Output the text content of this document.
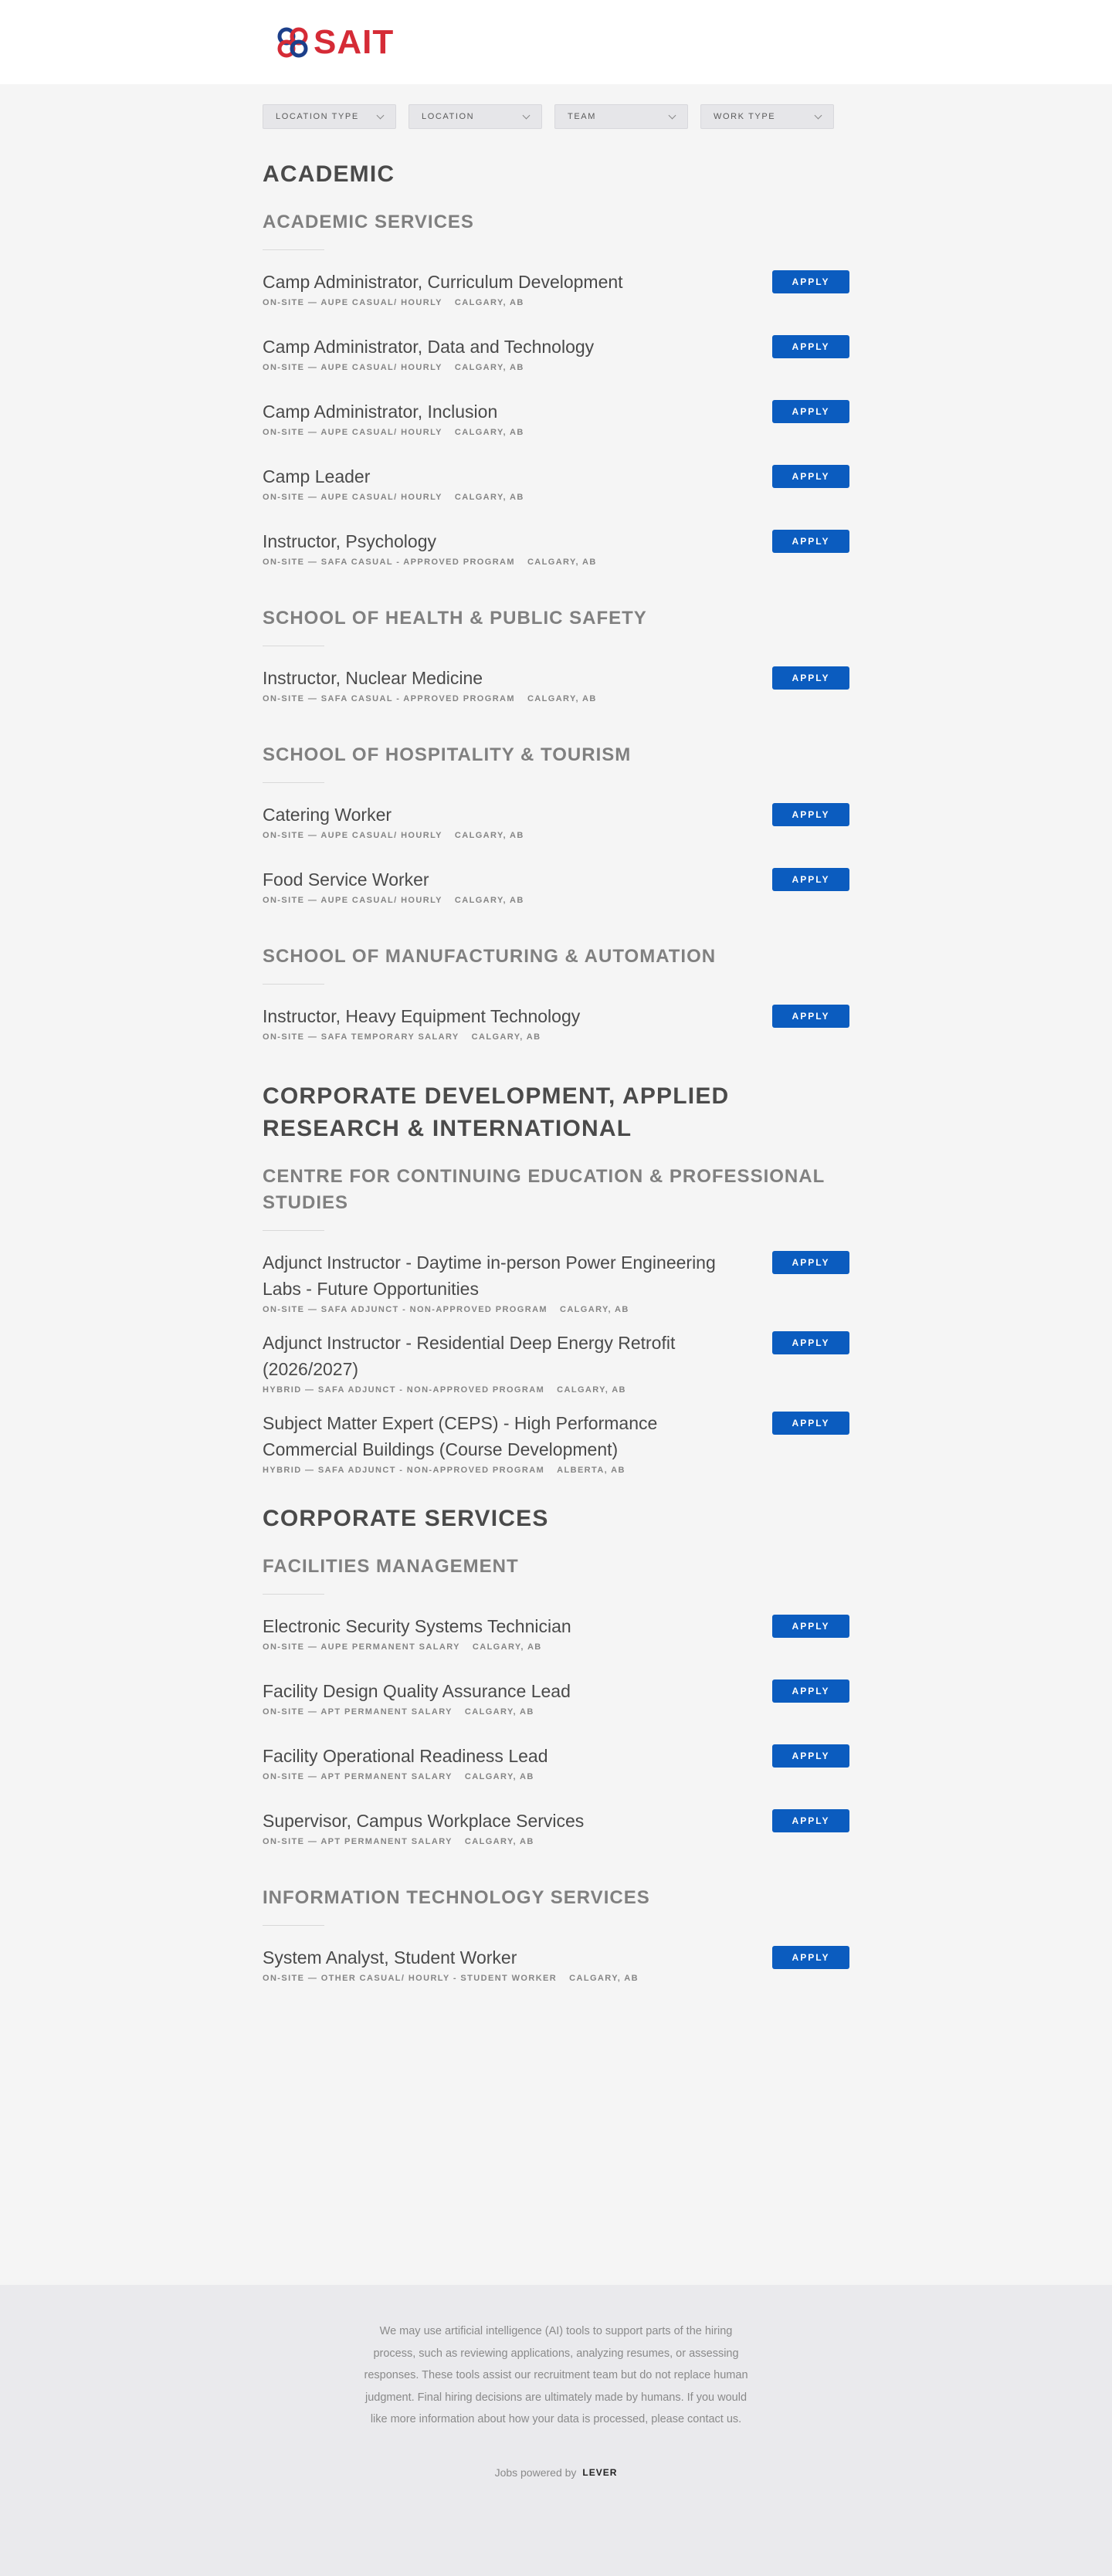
SAIT
LOCATION TYPE	LOCATION	TEAM	WORK TYPE
ACADEMIC
ACADEMIC SERVICES
Camp Administrator, Curriculum Development
ON-SITE — AUPE CASUAL/ HOURLY CALGARY, AB
APPLY
Camp Administrator, Data and Technology
ON-SITE — AUPE CASUAL/ HOURLY CALGARY, AB
APPLY
Camp Administrator, Inclusion
ON-SITE — AUPE CASUAL/ HOURLY CALGARY, AB
APPLY
Camp Leader
ON-SITE — AUPE CASUAL/ HOURLY CALGARY, AB
APPLY
Instructor, Psychology
ON-SITE — SAFA CASUAL - APPROVED PROGRAM CALGARY, AB
APPLY
SCHOOL OF HEALTH & PUBLIC SAFETY
Instructor, Nuclear Medicine
ON-SITE — SAFA CASUAL - APPROVED PROGRAM CALGARY, AB
APPLY
SCHOOL OF HOSPITALITY & TOURISM
Catering Worker
ON-SITE — AUPE CASUAL/ HOURLY CALGARY, AB
APPLY
Food Service Worker
ON-SITE — AUPE CASUAL/ HOURLY CALGARY, AB
APPLY
SCHOOL OF MANUFACTURING & AUTOMATION
Instructor, Heavy Equipment Technology
ON-SITE — SAFA TEMPORARY SALARY CALGARY, AB
APPLY
CORPORATE DEVELOPMENT, APPLIED RESEARCH & INTERNATIONAL
CENTRE FOR CONTINUING EDUCATION & PROFESSIONAL STUDIES
Adjunct Instructor - Daytime in-person Power Engineering Labs - Future Opportunities
ON-SITE — SAFA ADJUNCT - NON-APPROVED PROGRAM CALGARY, AB
APPLY
Adjunct Instructor - Residential Deep Energy Retrofit (2026/2027)
HYBRID — SAFA ADJUNCT - NON-APPROVED PROGRAM CALGARY, AB
APPLY
Subject Matter Expert (CEPS) - High Performance Commercial Buildings (Course Development)
HYBRID — SAFA ADJUNCT - NON-APPROVED PROGRAM ALBERTA, AB
APPLY
CORPORATE SERVICES
FACILITIES MANAGEMENT
Electronic Security Systems Technician
ON-SITE — AUPE PERMANENT SALARY CALGARY, AB
APPLY
Facility Design Quality Assurance Lead
ON-SITE — APT PERMANENT SALARY CALGARY, AB
APPLY
Facility Operational Readiness Lead
ON-SITE — APT PERMANENT SALARY CALGARY, AB
APPLY
Supervisor, Campus Workplace Services
ON-SITE — APT PERMANENT SALARY CALGARY, AB
APPLY
INFORMATION TECHNOLOGY SERVICES
System Analyst, Student Worker
ON-SITE — OTHER CASUAL/ HOURLY - STUDENT WORKER CALGARY, AB
APPLY

We may use artificial intelligence (AI) tools to support parts of the hiring process, such as reviewing applications, analyzing resumes, or assessing responses. These tools assist our recruitment team but do not replace human judgment. Final hiring decisions are ultimately made by humans. If you would like more information about how your data is processed, please contact us.

Jobs powered by LEVER
